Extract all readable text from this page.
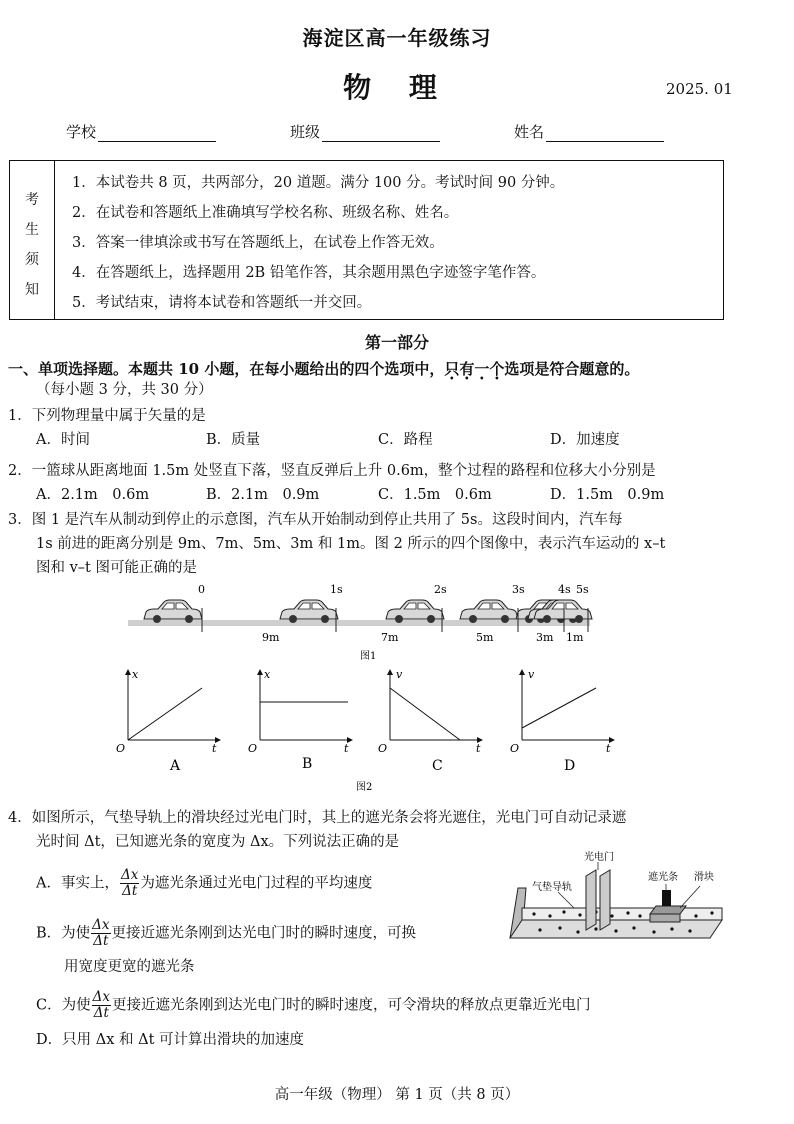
海淀区高一年级练习
物 理	2025. 01
学校	班级	姓名
考
生
须
知
1．本试卷共 8 页，共两部分，20 道题。满分 100 分。考试时间 90 分钟。
2．在试卷和答题纸上准确填写学校名称、班级名称、姓名。
3．答案一律填涂或书写在答题纸上，在试卷上作答无效。
4．在答题纸上，选择题用 2B 铅笔作答，其余题用黑色字迹签字笔作答。
5．考试结束，请将本试卷和答题纸一并交回。
第一部分
一、单项选择题。本题共 10 小题，在每小题给出的四个选项中，只有一个选项是符合题意的。
（每小题 3 分，共 30 分）
1．下列物理量中属于矢量的是
A．时间	B．质量	C．路程	D．加速度
2．一篮球从距离地面 1.5m 处竖直下落，竖直反弹后上升 0.6m，整个过程的路程和位移大小分别是
A．2.1m　0.6m	B．2.1m　0.9m	C．1.5m　0.6m	D．1.5m　0.9m
3．图 1 是汽车从制动到停止的示意图，汽车从开始制动到停止共用了 5s。这段时间内，汽车每
1s 前进的距离分别是 9m、7m、5m、3m 和 1m。图 2 所示的四个图像中，表示汽车运动的 x–t
图和 v–t 图可能正确的是
0	1s	2s	3s	4s 5s
9m	7m	5m	3m 1m
图1
x
t
O
A
x
t
O
B
v
t
O
C
v
t
O
D
图2
4．如图所示，气垫导轨上的滑块经过光电门时，其上的遮光条会将光遮住，光电门可自动记录遮
光时间 Δt，已知遮光条的宽度为 Δx。下列说法正确的是
A．事实上， $\frac{\Delta x}{\Delta t}$ 为遮光条通过光电门过程的平均速度
B．为使 $\frac{\Delta x}{\Delta t}$ 更接近遮光条刚到达光电门时的瞬时速度，可换
用宽度更宽的遮光条
C．为使 $\frac{\Delta x}{\Delta t}$ 更接近遮光条刚到达光电门时的瞬时速度，可令滑块的释放点更靠近光电门
D．只用 Δx 和 Δt 可计算出滑块的加速度
光电门
气垫导轨
遮光条 滑块
高一年级（物理） 第 1 页（共 8 页）
